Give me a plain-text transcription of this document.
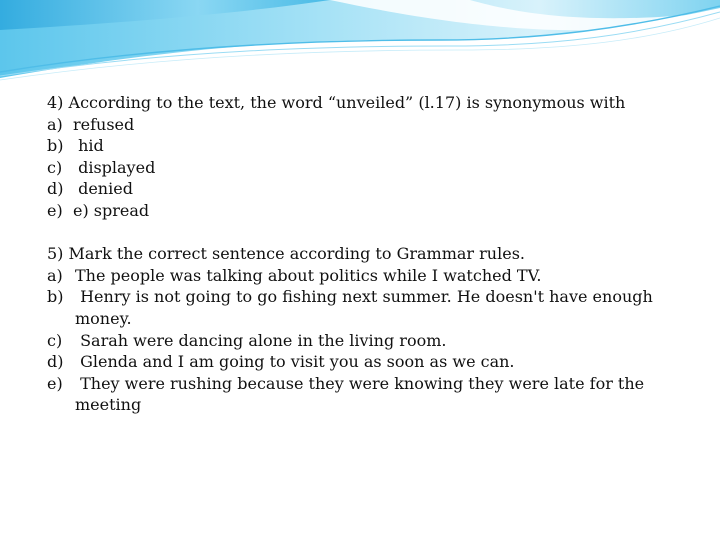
4) According to the text, the word “unveiled” (l.17) is synonymous with
a) refused
b) hid
c) displayed
d) denied
e) e) spread
5) Mark the correct sentence according to Grammar rules.
a) The people was talking about politics while I watched TV.
b) Henry is not going to go fishing next summer. He doesn't have enough money.
c) Sarah were dancing alone in the living room.
d) Glenda and I am going to visit you as soon as we can.
e) They were rushing because they were knowing they were late for the meeting
